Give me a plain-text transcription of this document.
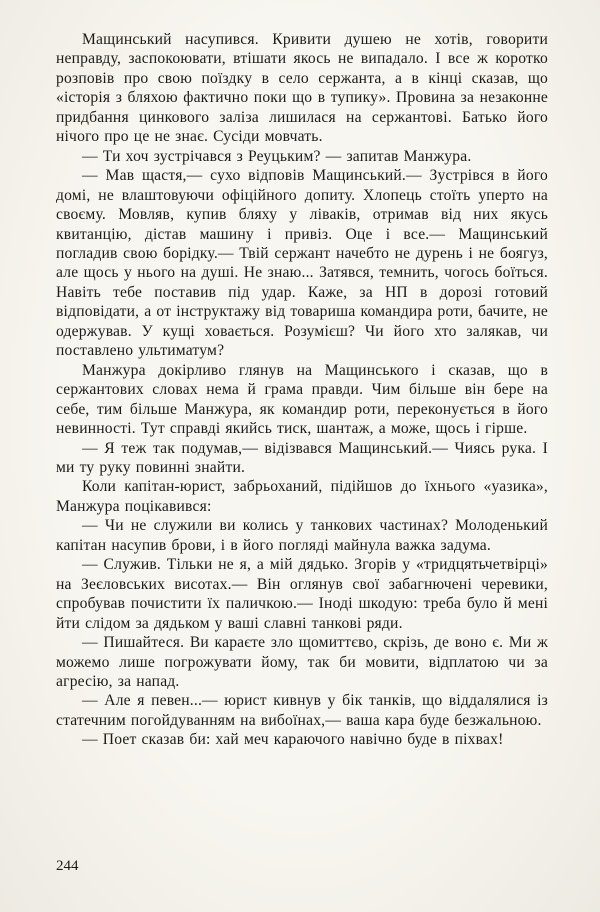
Мащинський насупився. Кривити душею не хотів, говорити неправду, заспокоювати, втішати якось не випадало. І все ж коротко розповів про свою поїздку в село сержанта, а в кінці сказав, що «історія з бляхою фактично поки що в тупику». Провина за незаконне придбання цинкового заліза лишилася на сержантові. Батько його нічого про це не знає. Сусіди мовчать.

— Ти хоч зустрічався з Реуцьким? — запитав Манжура.

— Мав щастя,— сухо відповів Мащинський.— Зустрівся в його домі, не влаштовуючи офіційного допиту. Хлопець стоїть уперто на своєму. Мовляв, купив бляху у ліваків, отримав від них якусь квитанцію, дістав машину і привіз. Оце і все.— Мащинський погладив свою борідку.— Твій сержант начебто не дурень і не боягуз, але щось у нього на душі. Не знаю... Затявся, темнить, чогось боїться. Навіть тебе поставив під удар. Каже, за НП в дорозі готовий відповідати, а от інструктажу від товариша командира роти, бачите, не одержував. У кущі ховається. Розумієш? Чи його хто залякав, чи поставлено ультиматум?

Манжура докірливо глянув на Мащинського і сказав, що в сержантових словах нема й грама правди. Чим більше він бере на себе, тим більше Манжура, як командир роти, переконується в його невинності. Тут справді якийсь тиск, шантаж, а може, щось і гірше.

— Я теж так подумав,— відізвався Мащинський.— Чиясь рука. І ми ту руку повинні знайти.

Коли капітан-юрист, забрьоханий, підійшов до їхнього «уазика», Манжура поцікавився:

— Чи не служили ви колись у танкових частинах? Молоденький капітан насупив брови, і в його погляді майнула важка задума.

— Служив. Тільки не я, а мій дядько. Згорів у «тридцятьчетвірці» на Зеєловських висотах.— Він оглянув свої забагнючені черевики, спробував почистити їх паличкою.— Іноді шкодую: треба було й мені йти слідом за дядьком у ваші славні танкові ряди.

— Пишайтеся. Ви караєте зло щомиттєво, скрізь, де воно є. Ми ж можемо лише погрожувати йому, так би мовити, відплатою чи за агресію, за напад.

— Але я певен...— юрист кивнув у бік танків, що віддалялися із статечним погойдуванням на вибоїнах,— ваша кара буде безжальною.

— Поет сказав би: хай меч караючого навічно буде в піхвах!

244
